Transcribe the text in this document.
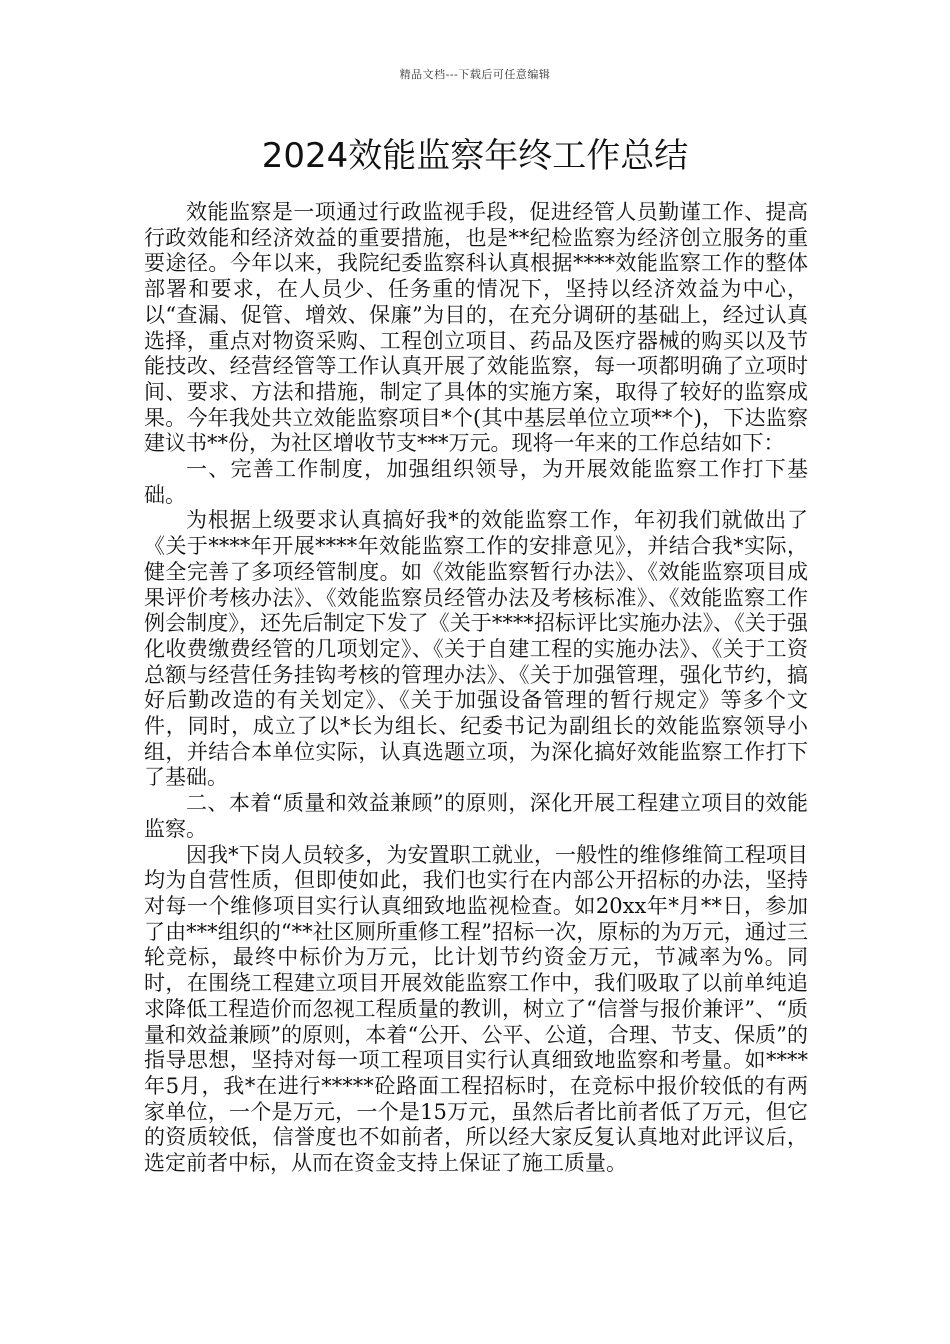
精品文档---下载后可任意编辑
2024效能监察年终工作总结

效能监察是一项通过行政监视手段，促进经管人员勤谨工作、提高行政效能和经济效益的重要措施，也是**纪检监察为经济创立服务的重要途径。今年以来，我院纪委监察科认真根据****效能监察工作的整体部署和要求，在人员少、任务重的情况下，坚持以经济效益为中心，以“查漏、促管、增效、保廉”为目的，在充分调研的基础上，经过认真选择，重点对物资采购、工程创立项目、药品及医疗器械的购买以及节能技改、经营经管等工作认真开展了效能监察，每一项都明确了立项时间、要求、方法和措施，制定了具体的实施方案，取得了较好的监察成果。今年我处共立效能监察项目*个(其中基层单位立项**个)，下达监察建议书**份，为社区增收节支***万元。现将一年来的工作总结如下：

一、完善工作制度，加强组织领导，为开展效能监察工作打下基础。

为根据上级要求认真搞好我*的效能监察工作，年初我们就做出了《关于****年开展****年效能监察工作的安排意见》，并结合我*实际，健全完善了多项经管制度。如《效能监察暂行办法》、《效能监察项目成果评价考核办法》、《效能监察员经管办法及考核标准》、《效能监察工作例会制度》，还先后制定下发了《关于****招标评比实施办法》、《关于强化收费缴费经管的几项划定》、《关于自建工程的实施办法》、《关于工资总额与经营任务挂钩考核的管理办法》、《关于加强管理，强化节约，搞好后勤改造的有关划定》、《关于加强设备管理的暂行规定》等多个文件，同时，成立了以*长为组长、纪委书记为副组长的效能监察领导小组，并结合本单位实际，认真选题立项，为深化搞好效能监察工作打下了基础。

二、本着“质量和效益兼顾”的原则，深化开展工程建立项目的效能监察。

因我*下岗人员较多，为安置职工就业，一般性的维修维简工程项目均为自营性质，但即使如此，我们也实行在内部公开招标的办法，坚持对每一个维修项目实行认真细致地监视检查。如20xx年*月**日，参加了由***组织的“**社区厕所重修工程”招标一次，原标的为万元，通过三轮竞标，最终中标价为万元，比计划节约资金万元，节减率为%。同时，在围绕工程建立项目开展效能监察工作中，我们吸取了以前单纯追求降低工程造价而忽视工程质量的教训，树立了“信誉与报价兼评”、“质量和效益兼顾”的原则，本着“公开、公平、公道，合理、节支、保质”的指导思想，坚持对每一项工程项目实行认真细致地监察和考量。如****年5月，我*在进行*****砼路面工程招标时，在竞标中报价较低的有两家单位，一个是万元，一个是15万元，虽然后者比前者低了万元，但它的资质较低，信誉度也不如前者，所以经大家反复认真地对此评议后，选定前者中标，从而在资金支持上保证了施工质量。
